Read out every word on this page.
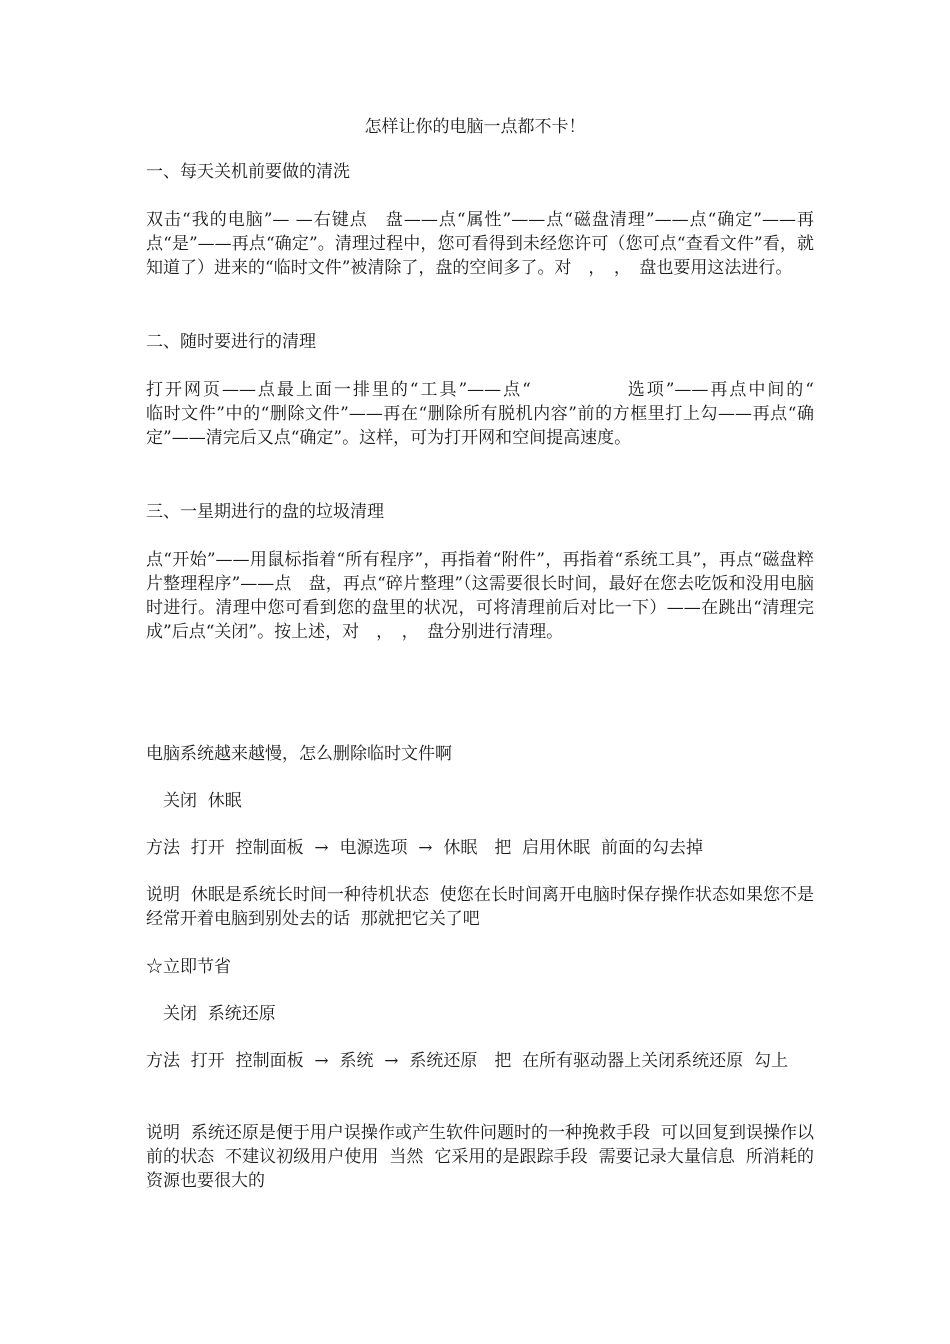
怎样让你的电脑一点都不卡！
一、每天关机前要做的清洗
双击“我的电脑”— —右键点　盘——点“属性”——点“磁盘清理”——点“确定”——再点“是”——再点“确定”。清理过程中，您可看得到未经您许可（您可点“查看文件”看，就知道了）进来的“临时文件”被清除了，盘的空间多了。对　，　，　盘也要用这法进行。
二、随时要进行的清理
打开网页——点最上面一排里的“工具”——点“　　　　　选项”——再点中间的“　　　　　临时文件”中的“删除文件”——再在“删除所有脱机内容”前的方框里打上勾——再点“确定”——清完后又点“确定”。这样，可为打开网和空间提高速度。
三、一星期进行的盘的垃圾清理
点“开始”——用鼠标指着“所有程序”，再指着“附件”，再指着“系统工具”，再点“磁盘粹片整理程序”——点　盘，再点“碎片整理”（这需要很长时间，最好在您去吃饭和没用电脑时进行。清理中您可看到您的盘里的状况，可将清理前后对比一下）——在跳出“清理完成”后点“关闭”。按上述，对　，　，　盘分别进行清理。
电脑系统越来越慢，怎么删除临时文件啊
　关闭  休眠
方法  打开  控制面板  →  电源选项  →  休眠　把  启用休眠  前面的勾去掉
说明  休眠是系统长时间一种待机状态  使您在长时间离开电脑时保存操作状态如果您不是经常开着电脑到别处去的话  那就把它关了吧
☆立即节省
　关闭  系统还原
方法  打开  控制面板  →  系统  →  系统还原　把  在所有驱动器上关闭系统还原  勾上
说明  系统还原是便于用户误操作或产生软件问题时的一种挽救手段  可以回复到误操作以前的状态  不建议初级用户使用  当然  它采用的是跟踪手段  需要记录大量信息  所消耗的资源也要很大的
